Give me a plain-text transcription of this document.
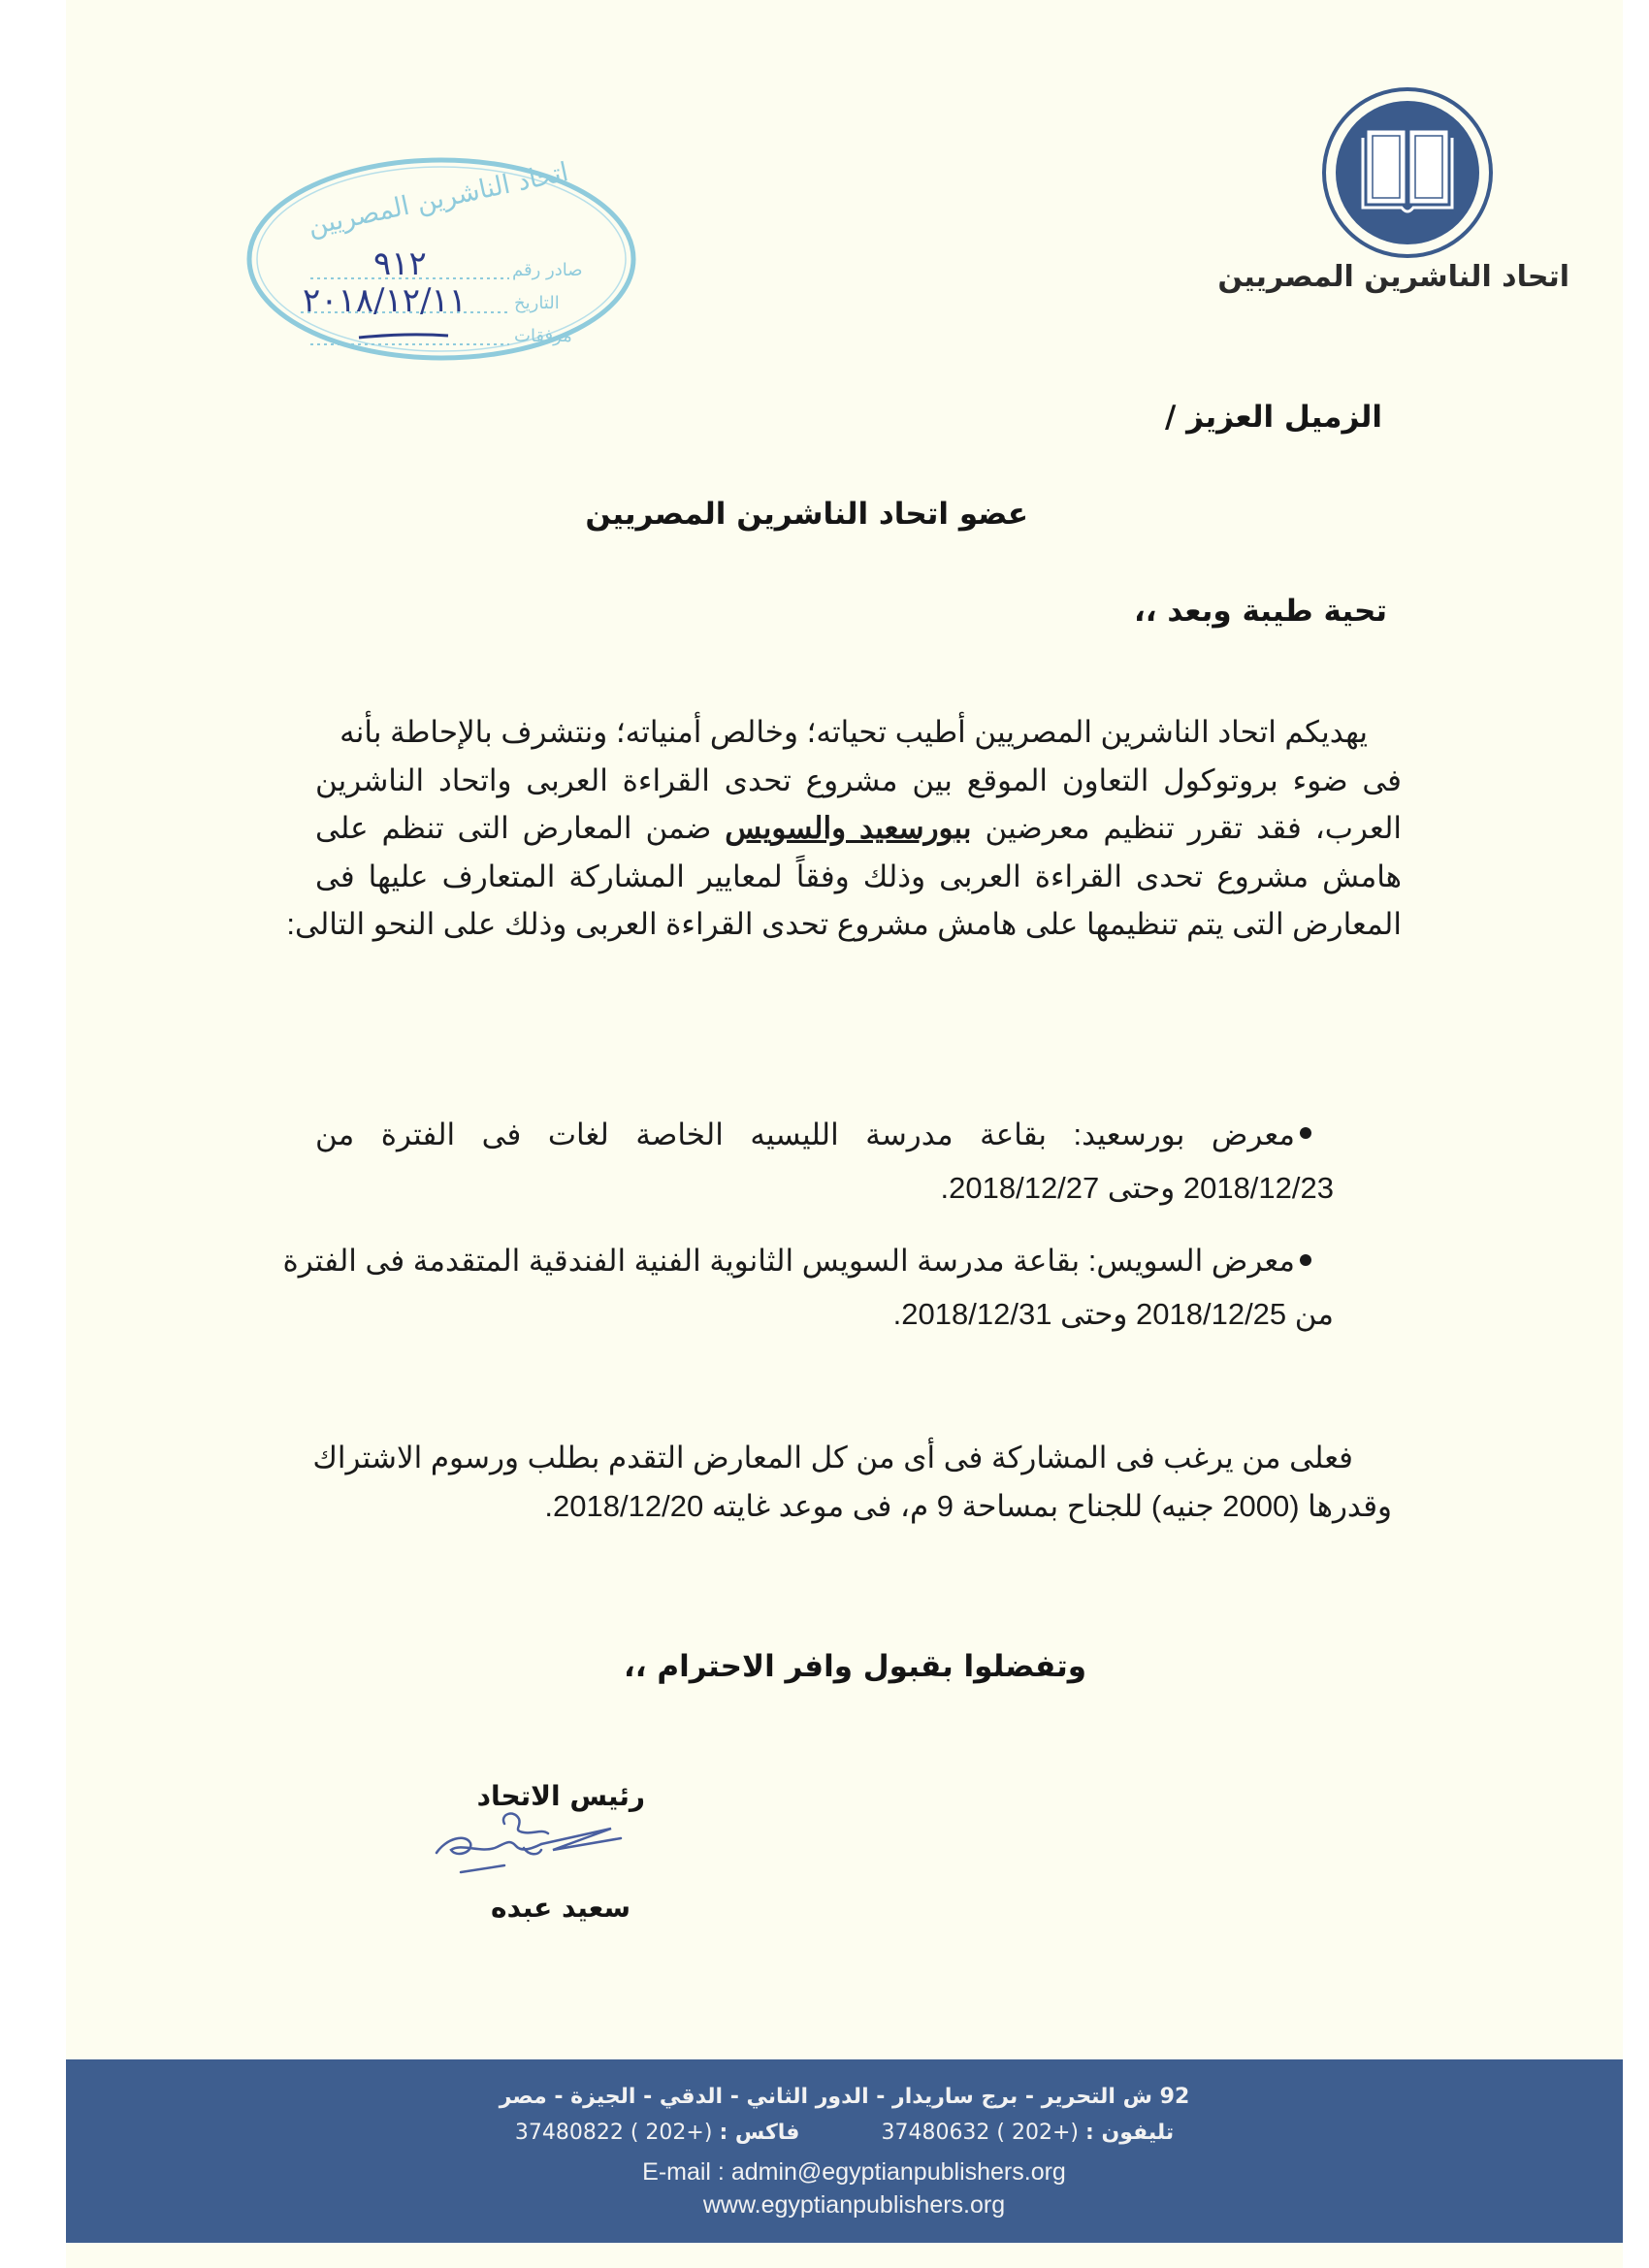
اتحاد الناشرين المصريين
اتحاد الناشرين المصريين
صادر رقم
التاريخ
مرفقات
٩١٢
٢٠١٨/١٢/١١
الزميل العزيز /
عضو اتحاد الناشرين المصريين
تحية طيبة وبعد ،،
يهديكم اتحاد الناشرين المصريين أطيب تحياته؛ وخالص أمنياته؛ ونتشرف بالإحاطة بأنه
فى ضوء بروتوكول التعاون الموقع بين مشروع تحدى القراءة العربى واتحاد الناشرين
العرب، فقد تقرر تنظيم معرضين ببورسعيد والسويس ضمن المعارض التى تنظم على
هامش مشروع تحدى القراءة العربى وذلك وفقاً لمعايير المشاركة المتعارف عليها فى
المعارض التى يتم تنظيمها على هامش مشروع تحدى القراءة العربى وذلك على النحو التالى:
معرض بورسعيد: بقاعة مدرسة الليسيه الخاصة لغات فى الفترة من
2018/12/23 وحتى 2018/12/27.
معرض السويس: بقاعة مدرسة السويس الثانوية الفنية الفندقية المتقدمة فى الفترة
من 2018/12/25 وحتى 2018/12/31.
فعلى من يرغب فى المشاركة فى أى من كل المعارض التقدم بطلب ورسوم الاشتراك
وقدرها (2000 جنيه) للجناح بمساحة 9 م، فى موعد غايته 2018/12/20.
وتفضلوا بقبول وافر الاحترام ،،
رئيس الاتحاد
سعيد عبده
92 ش التحرير - برج ساريدار - الدور الثاني - الدقي - الجيزة - مصر
تليفون : 37480632 ( 202+)  فاكس : 37480822 ( 202+)
E-mail : admin@egyptianpublishers.org
www.egyptianpublishers.org
